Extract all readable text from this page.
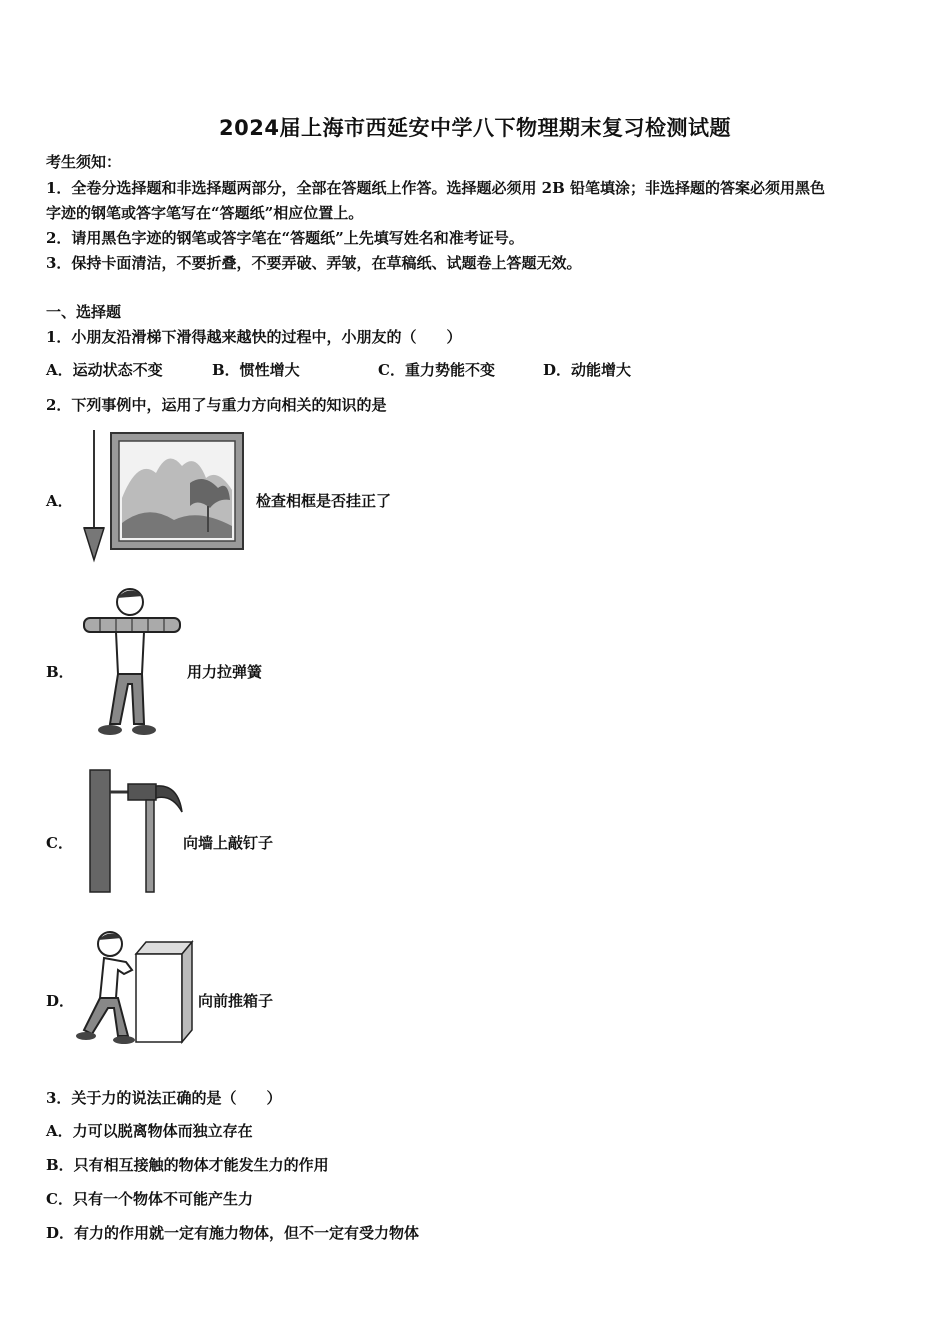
2024届上海市西延安中学八下物理期末复习检测试题
考生须知：
1．全卷分选择题和非选择题两部分，全部在答题纸上作答。选择题必须用 2B 铅笔填涂；非选择题的答案必须用黑色
字迹的钢笔或答字笔写在“答题纸”相应位置上。
2．请用黑色字迹的钢笔或答字笔在“答题纸”上先填写姓名和准考证号。
3．保持卡面清洁，不要折叠，不要弄破、弄皱，在草稿纸、试题卷上答题无效。
一、选择题
1．小朋友沿滑梯下滑得越来越快的过程中，小朋友的（　　）
A．运动状态不变	B．惯性增大	C．重力势能不变	D．动能增大
2．下列事例中，运用了与重力方向相关的知识的是
A．	检查相框是否挂正了
B．	用力拉弹簧
C．	向墙上敲钉子
D．	向前推箱子
3．关于力的说法正确的是（　　）
A．力可以脱离物体而独立存在
B．只有相互接触的物体才能发生力的作用
C．只有一个物体不可能产生力
D．有力的作用就一定有施力物体，但不一定有受力物体
